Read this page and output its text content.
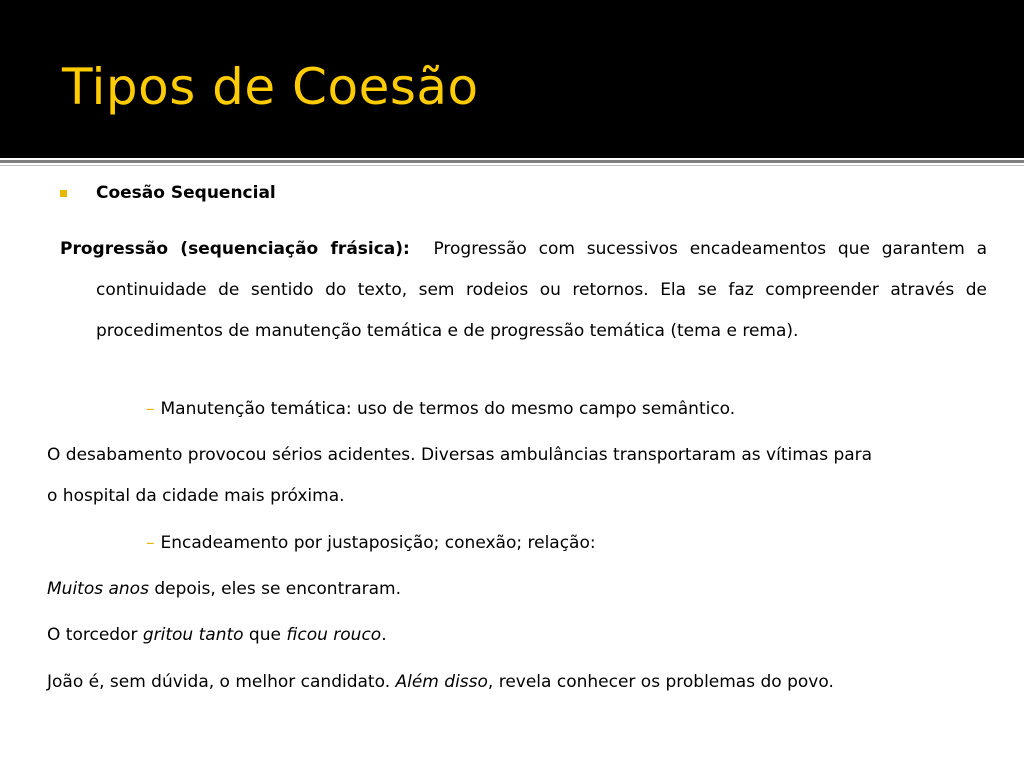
Tipos de Coesão
Coesão Sequencial
Progressão (sequenciação frásica): Progressão com sucessivos encadeamentos que garantem a continuidade de sentido do texto, sem rodeios ou retornos. Ela se faz compreender através de procedimentos de manutenção temática e de progressão temática (tema e rema).
– Manutenção temática: uso de termos do mesmo campo semântico.
O desabamento provocou sérios acidentes. Diversas ambulâncias transportaram as vítimas para
o hospital da cidade mais próxima.
– Encadeamento por justaposição; conexão; relação:
Muitos anos depois, eles se encontraram.
O torcedor gritou tanto que ficou rouco.
João é, sem dúvida, o melhor candidato. Além disso, revela conhecer os problemas do povo.
